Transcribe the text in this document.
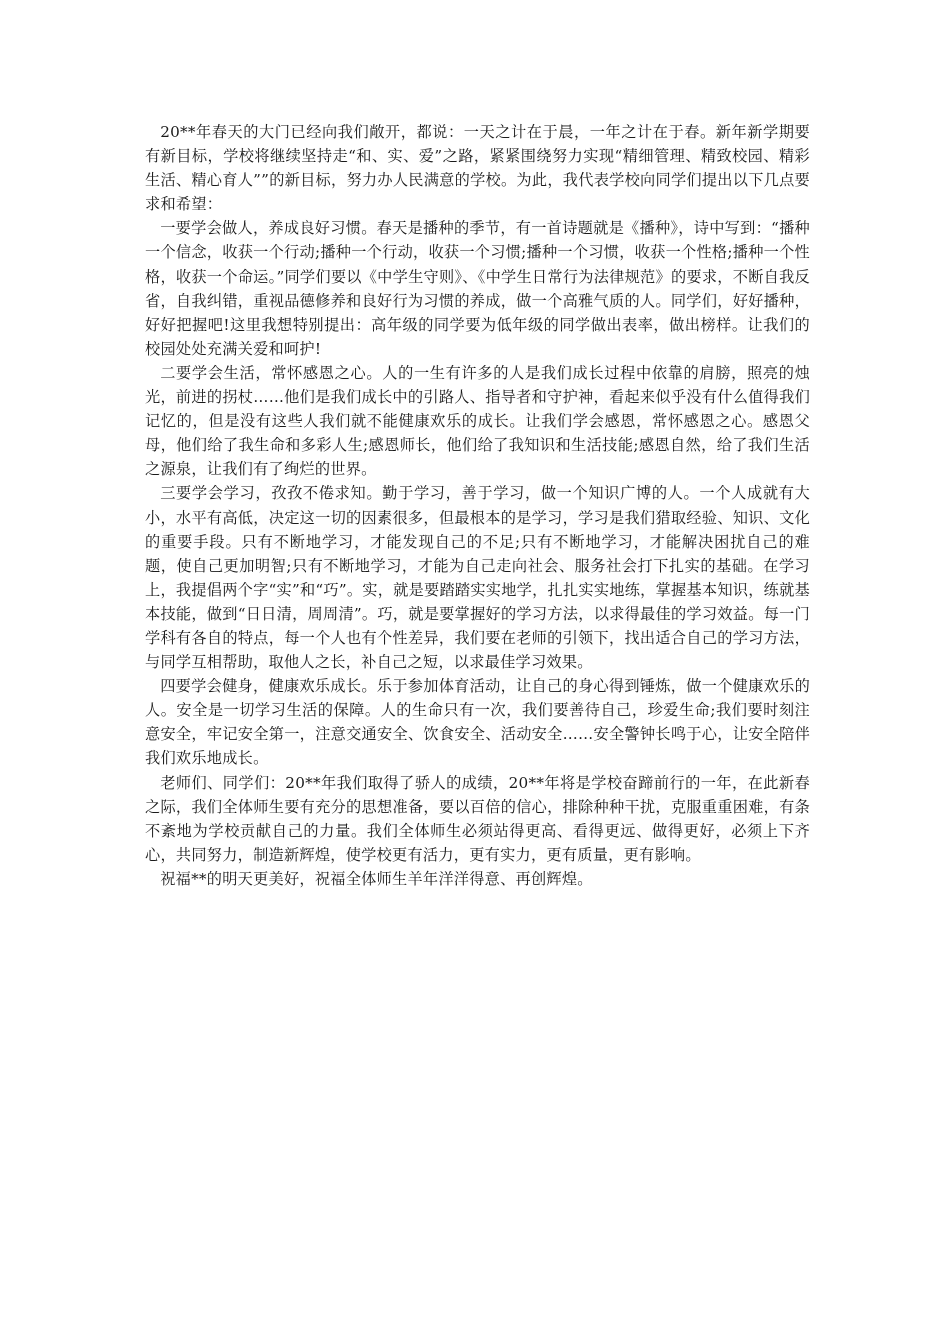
20**年春天的大门已经向我们敞开，都说：一天之计在于晨，一年之计在于春。新年新学期要有新目标，学校将继续坚持走“和、实、爱”之路，紧紧围绕努力实现“精细管理、精致校园、精彩生活、精心育人””的新目标，努力办人民满意的学校。为此，我代表学校向同学们提出以下几点要求和希望：

一要学会做人，养成良好习惯。春天是播种的季节，有一首诗题就是《播种》，诗中写到：“播种一个信念，收获一个行动;播种一个行动，收获一个习惯;播种一个习惯，收获一个性格;播种一个性格，收获一个命运。”同学们要以《中学生守则》、《中学生日常行为法律规范》的要求，不断自我反省，自我纠错，重视品德修养和良好行为习惯的养成，做一个高雅气质的人。同学们，好好播种，好好把握吧!这里我想特别提出：高年级的同学要为低年级的同学做出表率，做出榜样。让我们的校园处处充满关爱和呵护!

二要学会生活，常怀感恩之心。人的一生有许多的人是我们成长过程中依靠的肩膀，照亮的烛光，前进的拐杖……他们是我们成长中的引路人、指导者和守护神，看起来似乎没有什么值得我们记忆的，但是没有这些人我们就不能健康欢乐的成长。让我们学会感恩，常怀感恩之心。感恩父母，他们给了我生命和多彩人生;感恩师长，他们给了我知识和生活技能;感恩自然，给了我们生活之源泉，让我们有了绚烂的世界。

三要学会学习，孜孜不倦求知。勤于学习，善于学习，做一个知识广博的人。一个人成就有大小，水平有高低，决定这一切的因素很多，但最根本的是学习，学习是我们猎取经验、知识、文化的重要手段。只有不断地学习，才能发现自己的不足;只有不断地学习，才能解决困扰自己的难题，使自己更加明智;只有不断地学习，才能为自己走向社会、服务社会打下扎实的基础。在学习上，我提倡两个字“实”和“巧”。实，就是要踏踏实实地学，扎扎实实地练，掌握基本知识，练就基本技能，做到“日日清，周周清”。巧，就是要掌握好的学习方法，以求得最佳的学习效益。每一门学科有各自的特点，每一个人也有个性差异，我们要在老师的引领下，找出适合自己的学习方法，与同学互相帮助，取他人之长，补自己之短，以求最佳学习效果。

四要学会健身，健康欢乐成长。乐于参加体育活动，让自己的身心得到锤炼，做一个健康欢乐的人。安全是一切学习生活的保障。人的生命只有一次，我们要善待自己，珍爱生命;我们要时刻注意安全，牢记安全第一，注意交通安全、饮食安全、活动安全……安全警钟长鸣于心，让安全陪伴我们欢乐地成长。

老师们、同学们：20**年我们取得了骄人的成绩，20**年将是学校奋蹄前行的一年，在此新春之际，我们全体师生要有充分的思想准备，要以百倍的信心，排除种种干扰，克服重重困难，有条不紊地为学校贡献自己的力量。我们全体师生必须站得更高、看得更远、做得更好，必须上下齐心，共同努力，制造新辉煌，使学校更有活力，更有实力，更有质量，更有影响。

祝福**的明天更美好，祝福全体师生羊年洋洋得意、再创辉煌。
